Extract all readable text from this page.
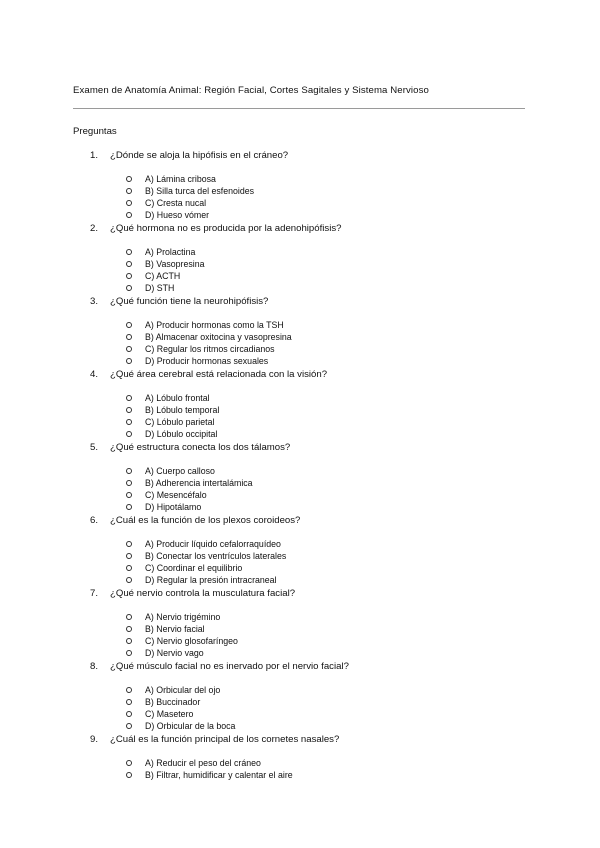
Examen de Anatomía Animal: Región Facial, Cortes Sagitales y Sistema Nervioso
Preguntas
1. ¿Dónde se aloja la hipófisis en el cráneo?
A) Lámina cribosa
B) Silla turca del esfenoides
C) Cresta nucal
D) Hueso vómer
2. ¿Qué hormona no es producida por la adenohipófisis?
A) Prolactina
B) Vasopresina
C) ACTH
D) STH
3. ¿Qué función tiene la neurohipófisis?
A) Producir hormonas como la TSH
B) Almacenar oxitocina y vasopresina
C) Regular los ritmos circadianos
D) Producir hormonas sexuales
4. ¿Qué área cerebral está relacionada con la visión?
A) Lóbulo frontal
B) Lóbulo temporal
C) Lóbulo parietal
D) Lóbulo occipital
5. ¿Qué estructura conecta los dos tálamos?
A) Cuerpo calloso
B) Adherencia intertalámica
C) Mesencéfalo
D) Hipotálamo
6. ¿Cuál es la función de los plexos coroideos?
A) Producir líquido cefalorraquídeo
B) Conectar los ventrículos laterales
C) Coordinar el equilibrio
D) Regular la presión intracraneal
7. ¿Qué nervio controla la musculatura facial?
A) Nervio trigémino
B) Nervio facial
C) Nervio glosofaríngeo
D) Nervio vago
8. ¿Qué músculo facial no es inervado por el nervio facial?
A) Orbicular del ojo
B) Buccinador
C) Masetero
D) Orbicular de la boca
9. ¿Cuál es la función principal de los cornetes nasales?
A) Reducir el peso del cráneo
B) Filtrar, humidificar y calentar el aire
